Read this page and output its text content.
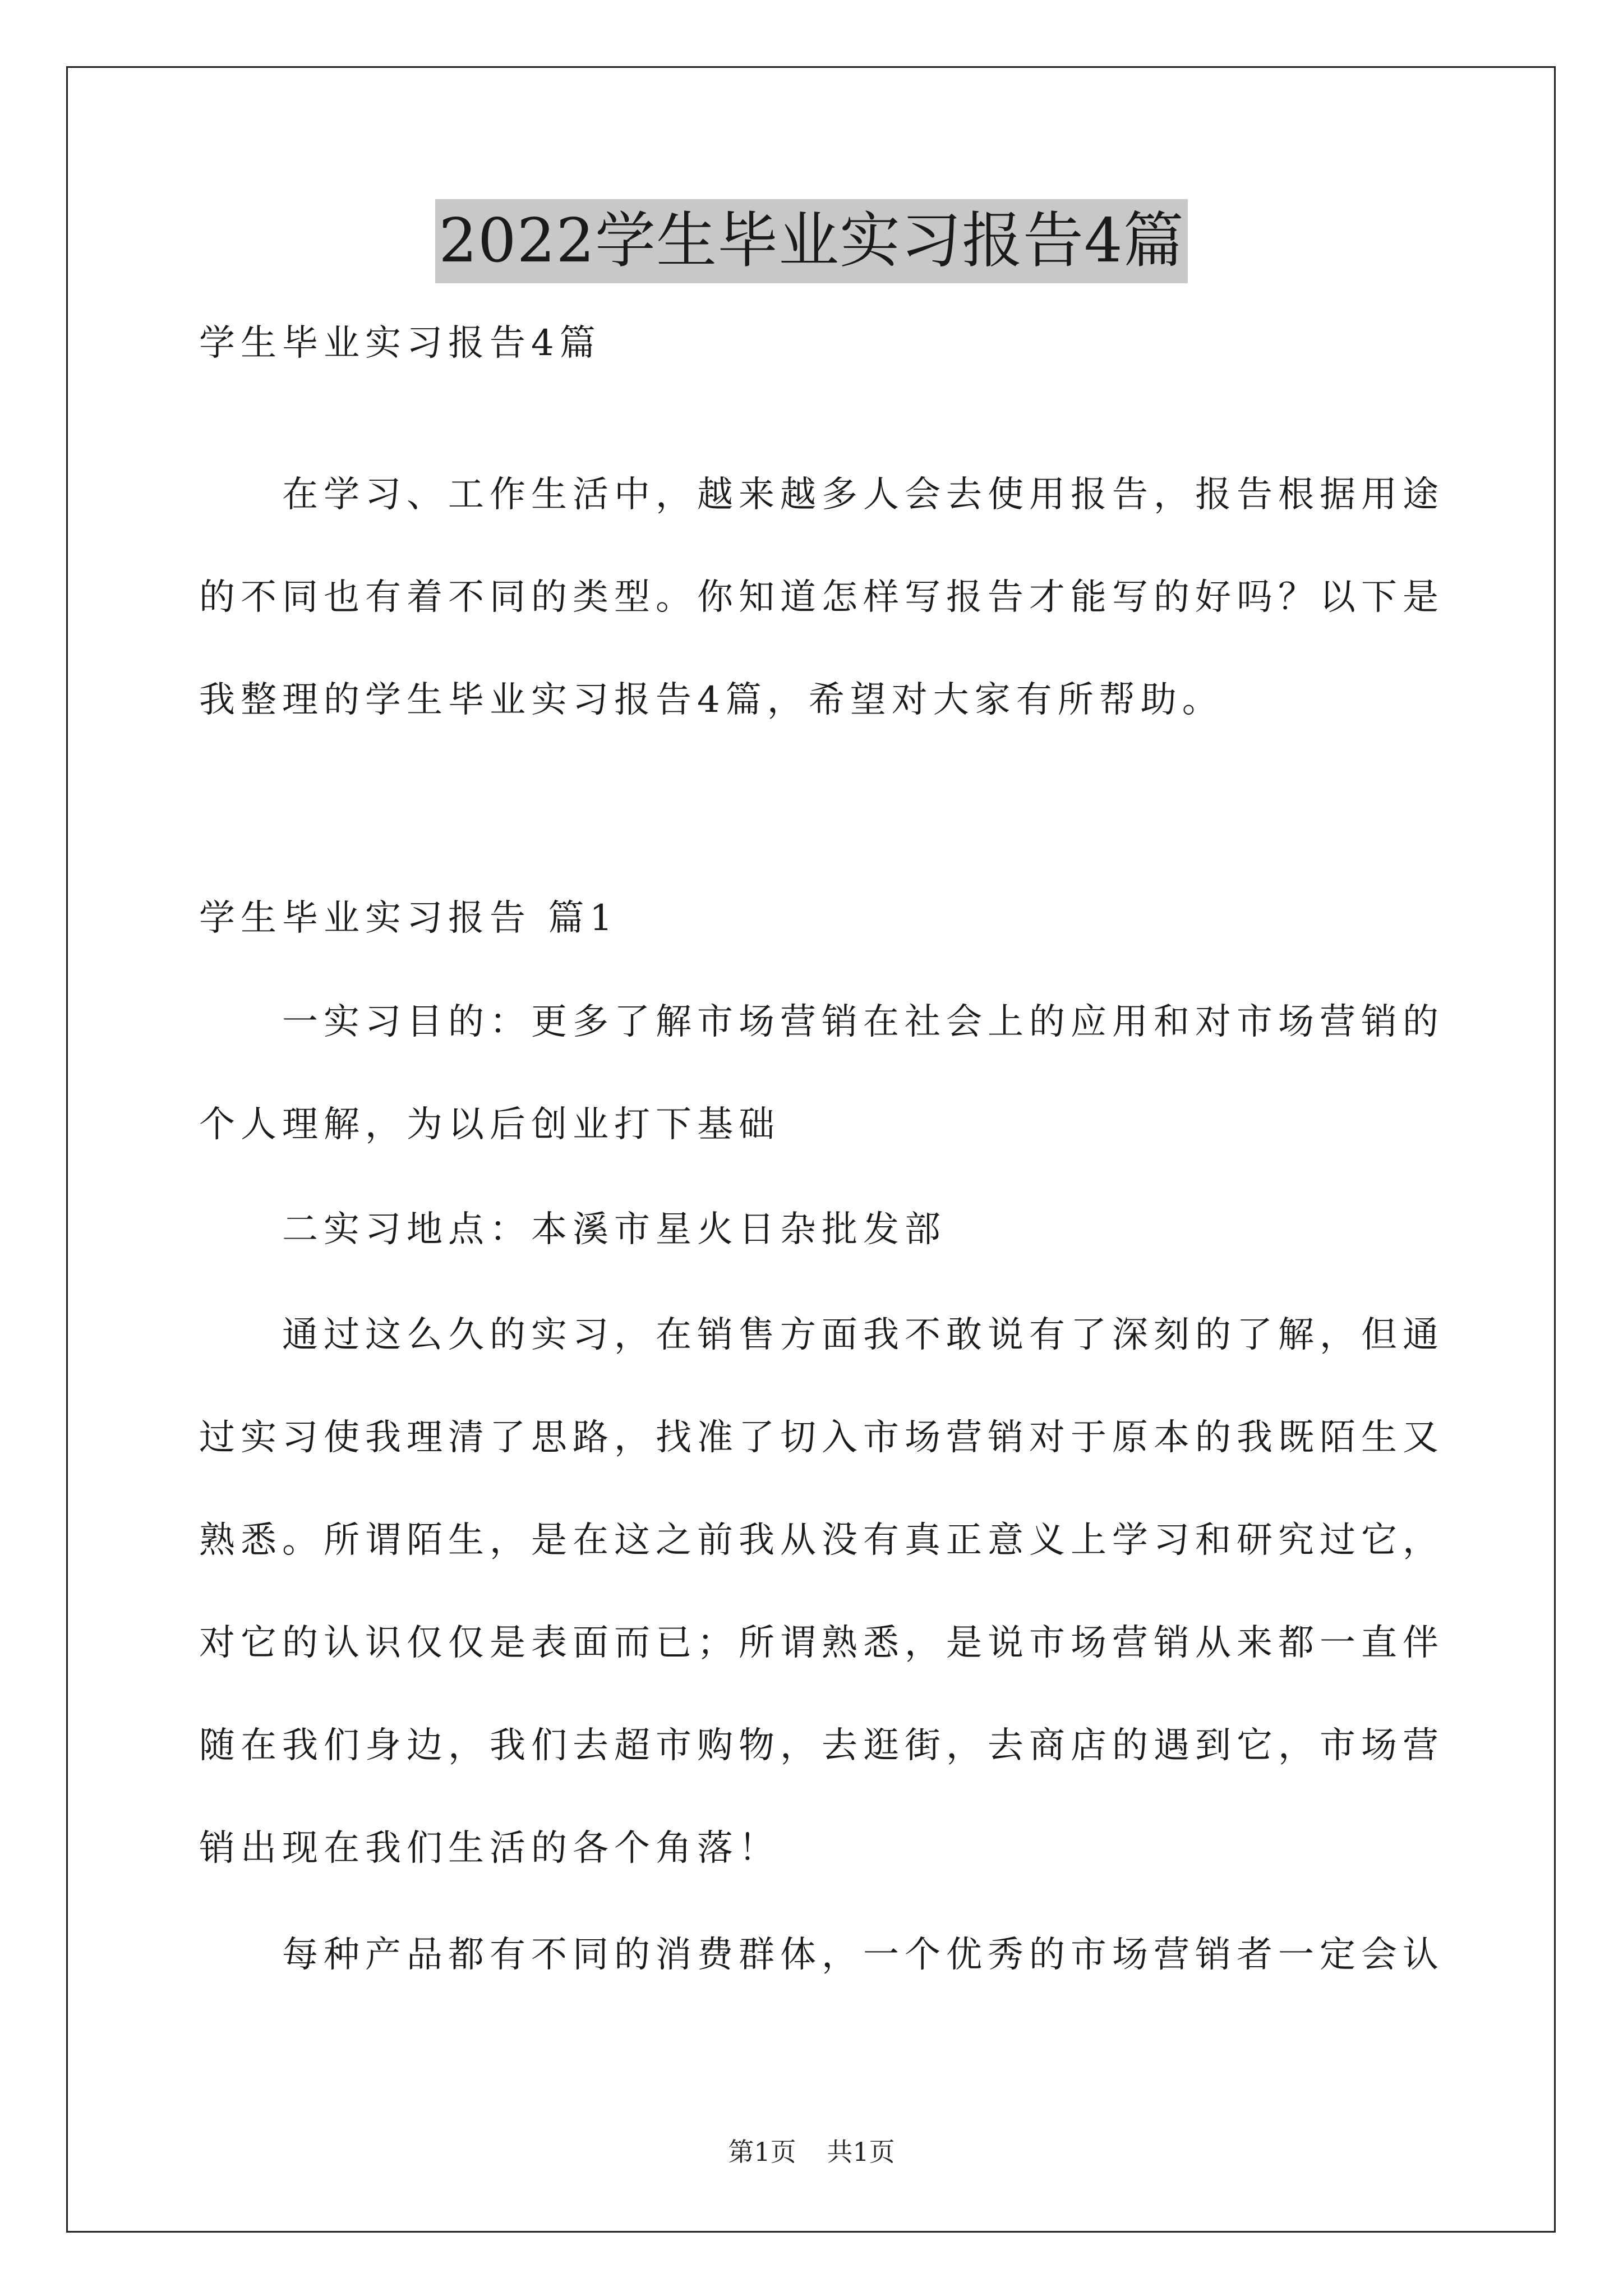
2022学生毕业实习报告4篇
学生毕业实习报告4篇
在学习、工作生活中，越来越多人会去使用报告，报告根据用途
的不同也有着不同的类型。你知道怎样写报告才能写的好吗？以下是
我整理的学生毕业实习报告4篇，希望对大家有所帮助。
学生毕业实习报告 篇1
一实习目的：更多了解市场营销在社会上的应用和对市场营销的
个人理解，为以后创业打下基础
二实习地点：本溪市星火日杂批发部
通过这么久的实习，在销售方面我不敢说有了深刻的了解，但通
过实习使我理清了思路，找准了切入市场营销对于原本的我既陌生又
熟悉。所谓陌生，是在这之前我从没有真正意义上学习和研究过它，
对它的认识仅仅是表面而已；所谓熟悉，是说市场营销从来都一直伴
随在我们身边，我们去超市购物，去逛街，去商店的遇到它，市场营
销出现在我们生活的各个角落！
每种产品都有不同的消费群体，一个优秀的市场营销者一定会认
第1页 共1页
